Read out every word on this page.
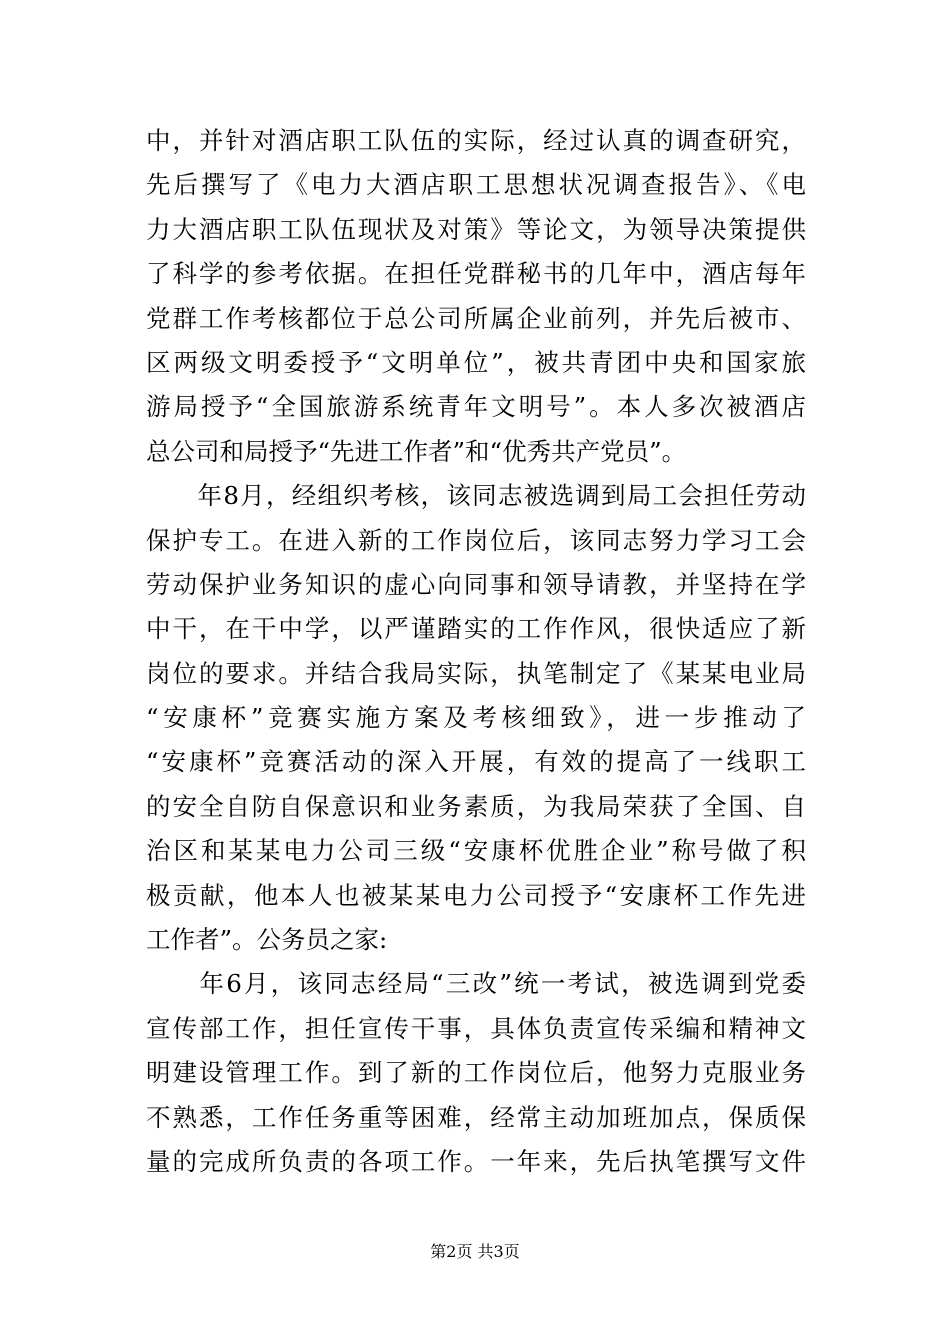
中，并针对酒店职工队伍的实际，经过认真的调查研究，
先后撰写了《电力大酒店职工思想状况调查报告》、《电
力大酒店职工队伍现状及对策》等论文，为领导决策提供
了科学的参考依据。在担任党群秘书的几年中，酒店每年
党群工作考核都位于总公司所属企业前列，并先后被市、
区两级文明委授予“文明单位”，被共青团中央和国家旅
游局授予“全国旅游系统青年文明号”。本人多次被酒店
总公司和局授予“先进工作者”和“优秀共产党员”。
　　年8月，经组织考核，该同志被选调到局工会担任劳动
保护专工。在进入新的工作岗位后，该同志努力学习工会
劳动保护业务知识的虚心向同事和领导请教，并坚持在学
中干，在干中学，以严谨踏实的工作作风，很快适应了新
岗位的要求。并结合我局实际，执笔制定了《某某电业局
“安康杯”竞赛实施方案及考核细致》，进一步推动了
“安康杯”竞赛活动的深入开展，有效的提高了一线职工
的安全自防自保意识和业务素质，为我局荣获了全国、自
治区和某某电力公司三级“安康杯优胜企业”称号做了积
极贡献，他本人也被某某电力公司授予“安康杯工作先进
工作者”。公务员之家:
　　年6月，该同志经局“三改”统一考试，被选调到党委
宣传部工作，担任宣传干事，具体负责宣传采编和精神文
明建设管理工作。到了新的工作岗位后，他努力克服业务
不熟悉，工作任务重等困难，经常主动加班加点，保质保
量的完成所负责的各项工作。一年来，先后执笔撰写文件
第2页 共3页
